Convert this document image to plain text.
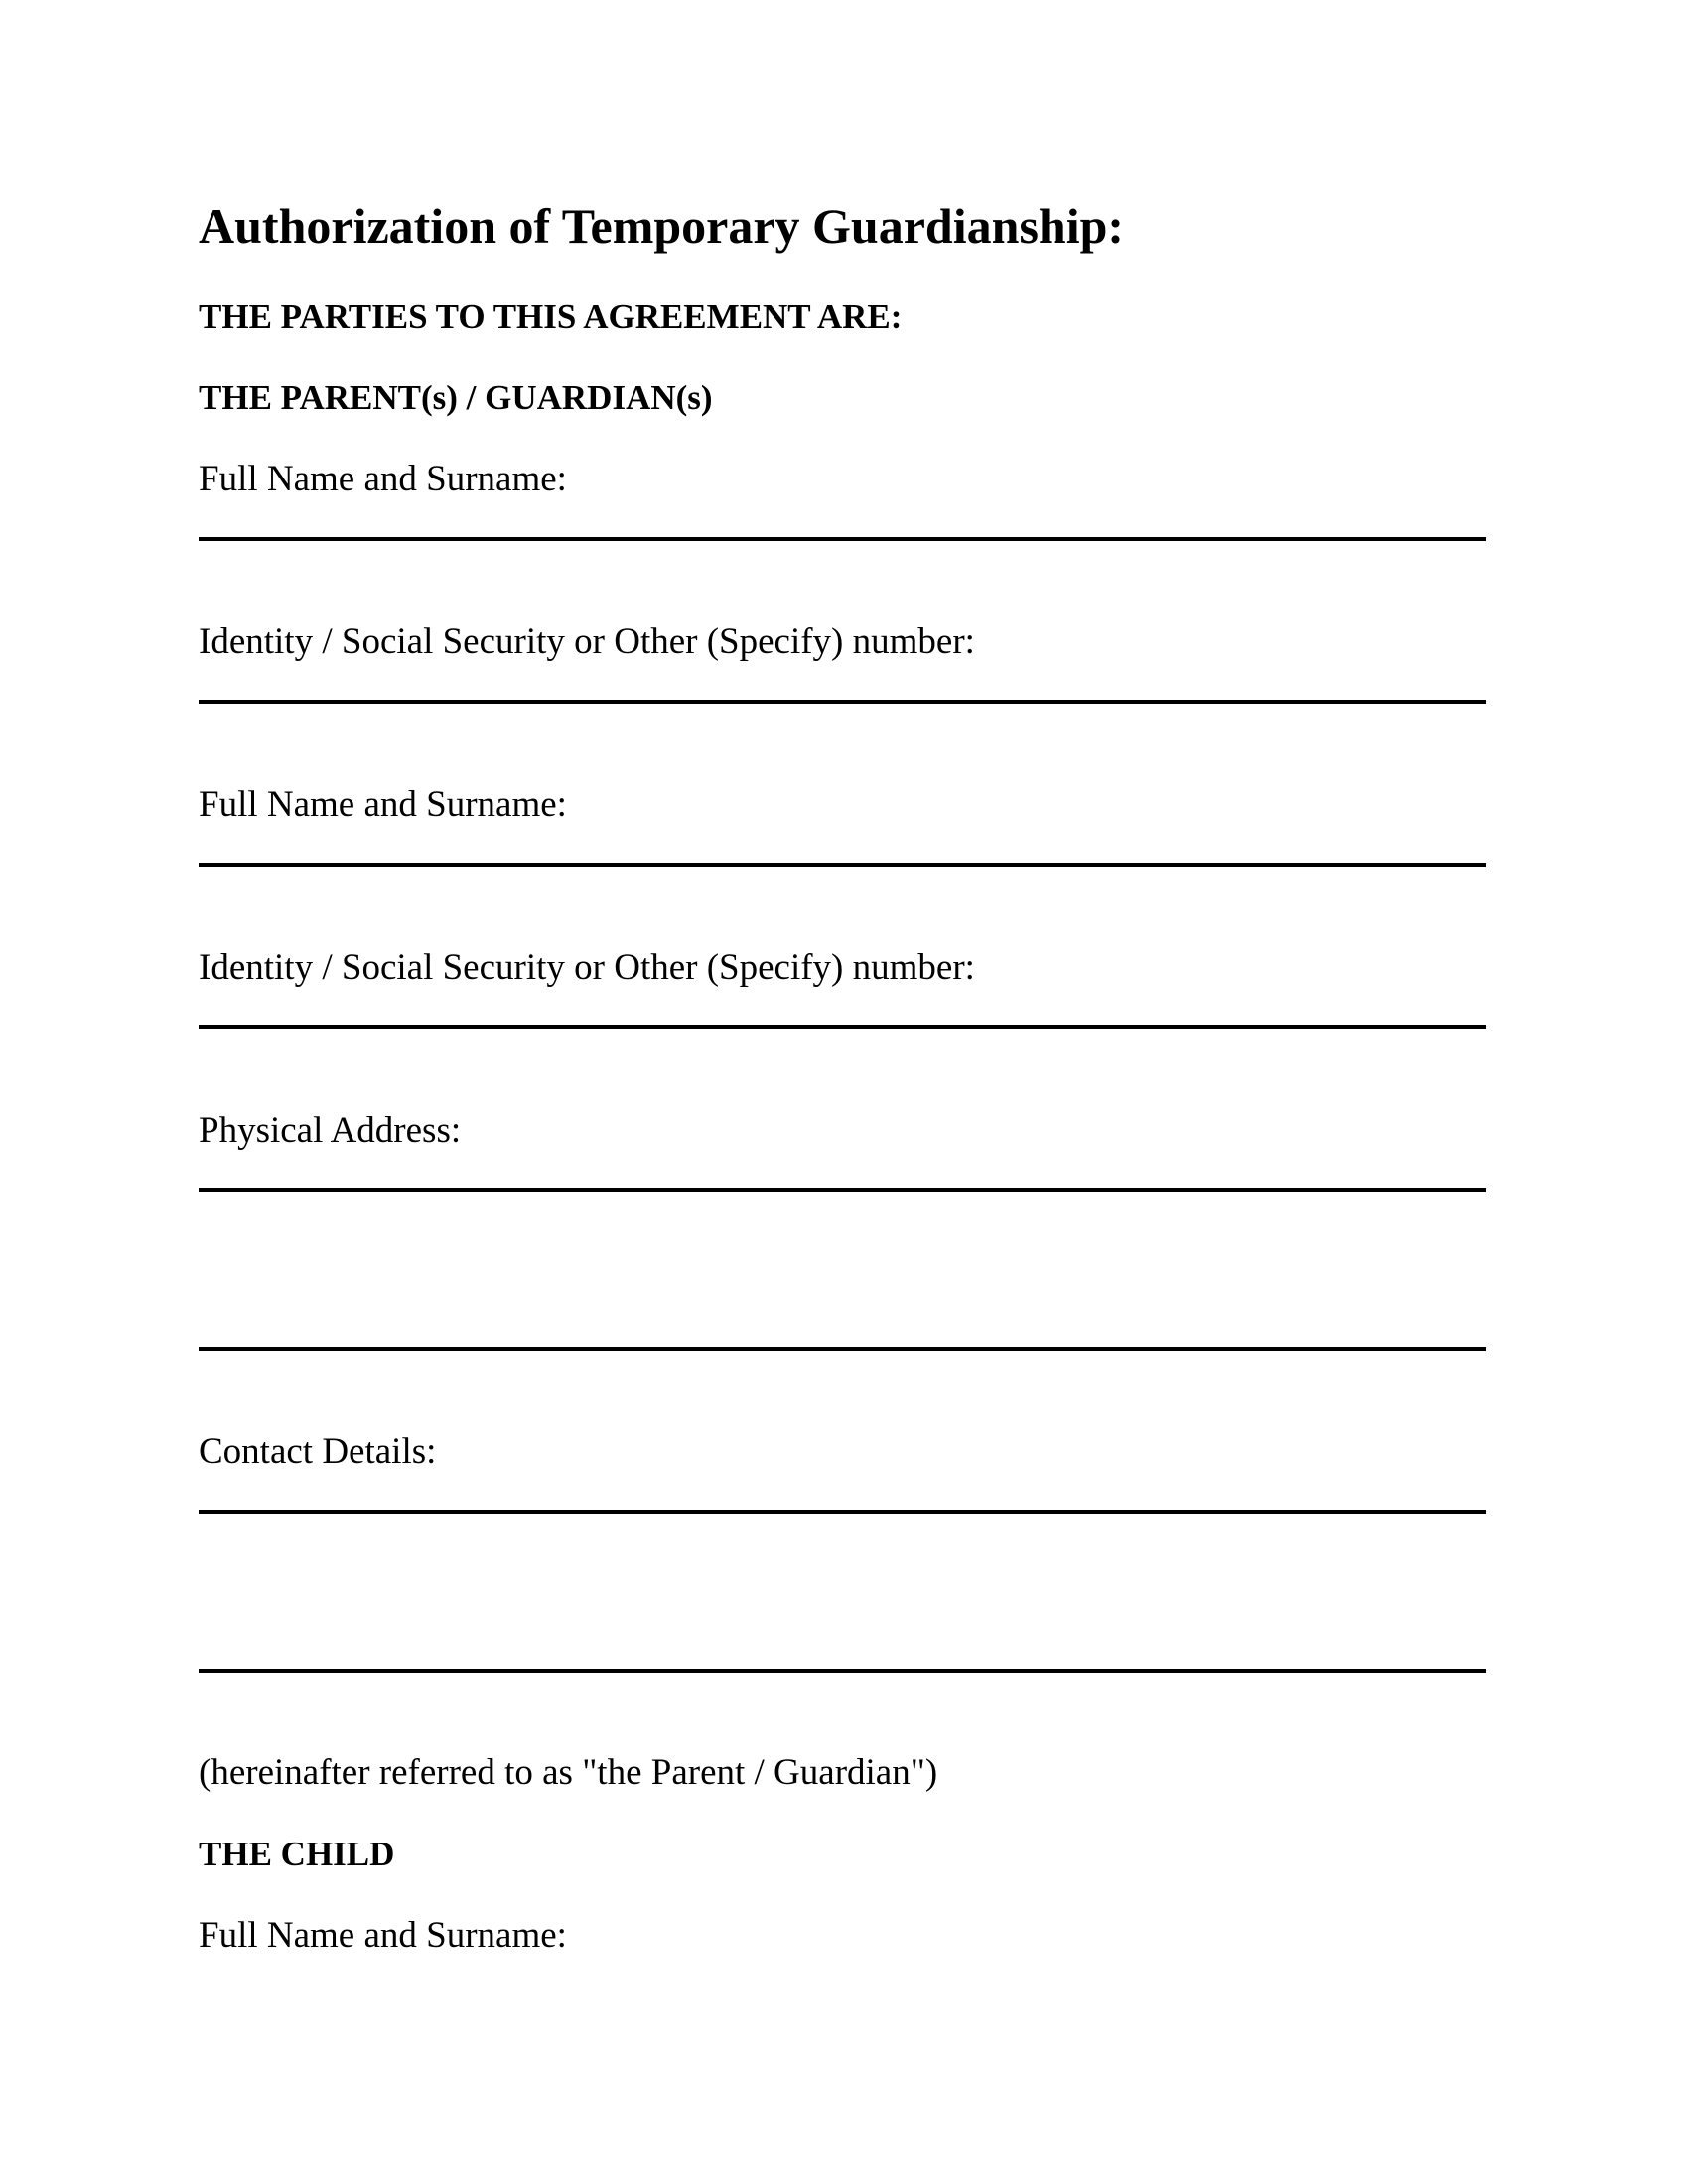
Authorization of Temporary Guardianship:
THE PARTIES TO THIS AGREEMENT ARE:
THE PARENT(s) / GUARDIAN(s)
Full Name and Surname:
Identity / Social Security or Other (Specify) number:
Full Name and Surname:
Identity / Social Security or Other (Specify) number:
Physical Address:
Contact Details:
(hereinafter referred to as "the Parent / Guardian")
THE CHILD
Full Name and Surname:
